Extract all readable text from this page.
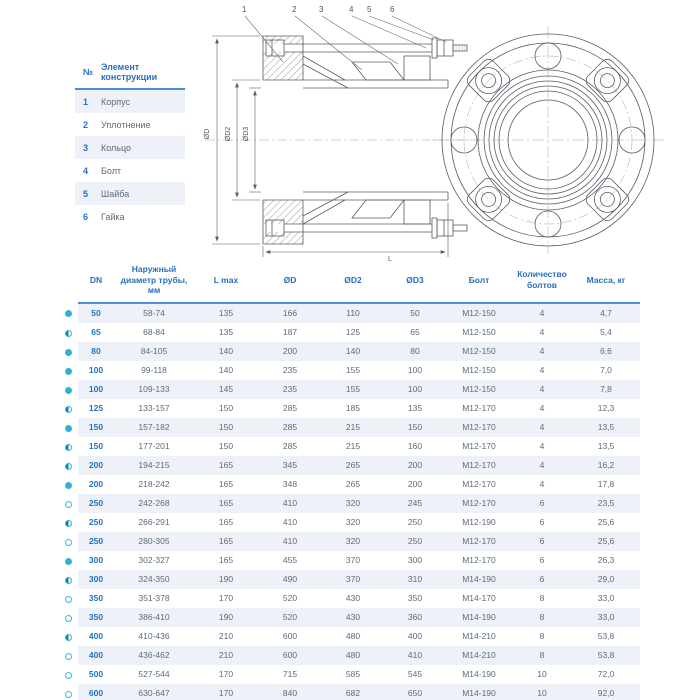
1	2	3	4 5 6
ØD ØD2 ØD3
L
№ Элемент конструкции
1	Корпус
2	Уплотнение
3	Кольцо
4	Болт
5	Шайба
6	Гайка
	DN	Наружный диаметр трубы, мм	L max	ØD	ØD2	ØD3	Болт	Количество болтов	Масса, кг
	50	58-74	135	166	110	50	M12-150	4	4,7
	65	68-84	135	187	125	65	M12-150	4	5,4
	80	84-105	140	200	140	80	M12-150	4	6,6
	100	99-118	140	235	155	100	M12-150	4	7,0
	100	109-133	145	235	155	100	M12-150	4	7,8
	125	133-157	150	285	185	135	M12-170	4	12,3
	150	157-182	150	285	215	150	M12-170	4	13,5
	150	177-201	150	285	215	160	M12-170	4	13,5
	200	194-215	165	345	265	200	M12-170	4	16,2
	200	218-242	165	348	265	200	M12-170	4	17,8
	250	242-268	165	410	320	245	M12-170	6	23,5
	250	266-291	165	410	320	250	M12-190	6	25,6
	250	280-305	165	410	320	250	M12-170	6	25,6
	300	302-327	165	455	370	300	M12-170	6	26,3
	300	324-350	190	490	370	310	M14-190	6	29,0
	350	351-378	170	520	430	350	M14-170	8	33,0
	350	386-410	190	520	430	360	M14-190	8	33,0
	400	410-436	210	600	480	400	M14-210	8	53,8
	400	436-462	210	600	480	410	M14-210	8	53,8
	500	527-544	170	715	585	545	M14-190	10	72,0
	600	630-647	170	840	682	650	M14-190	10	92,0
